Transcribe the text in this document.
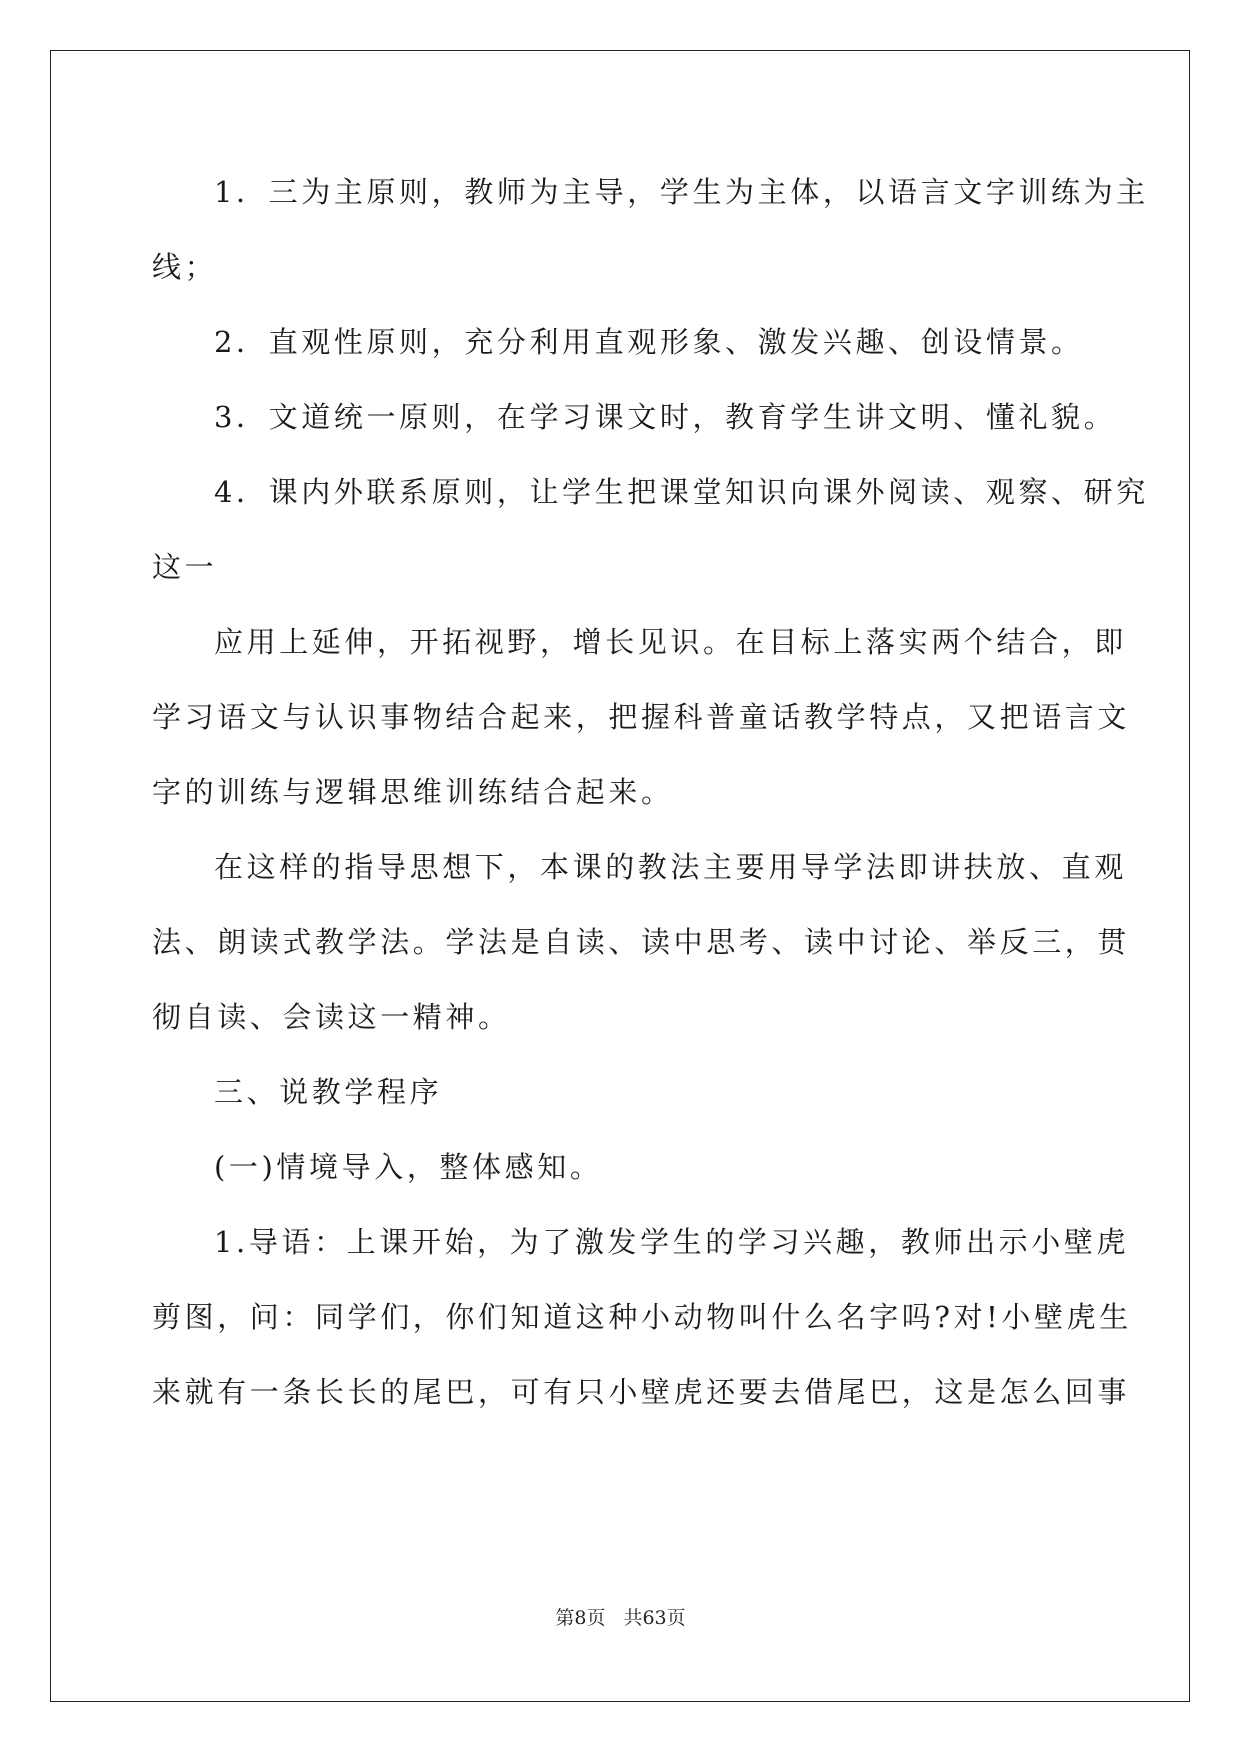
1．三为主原则，教师为主导，学生为主体，以语言文字训练为主
线；
2．直观性原则，充分利用直观形象、激发兴趣、创设情景。
3．文道统一原则，在学习课文时，教育学生讲文明、懂礼貌。
4．课内外联系原则，让学生把课堂知识向课外阅读、观察、研究
这一
应用上延伸，开拓视野，增长见识。在目标上落实两个结合，即
学习语文与认识事物结合起来，把握科普童话教学特点，又把语言文
字的训练与逻辑思维训练结合起来。
在这样的指导思想下，本课的教法主要用导学法即讲扶放、直观
法、朗读式教学法。学法是自读、读中思考、读中讨论、举反三，贯
彻自读、会读这一精神。
三、说教学程序
(一)情境导入，整体感知。
1.导语：上课开始，为了激发学生的学习兴趣，教师出示小壁虎
剪图，问：同学们，你们知道这种小动物叫什么名字吗?对!小壁虎生
来就有一条长长的尾巴，可有只小壁虎还要去借尾巴，这是怎么回事
第8页 共63页
